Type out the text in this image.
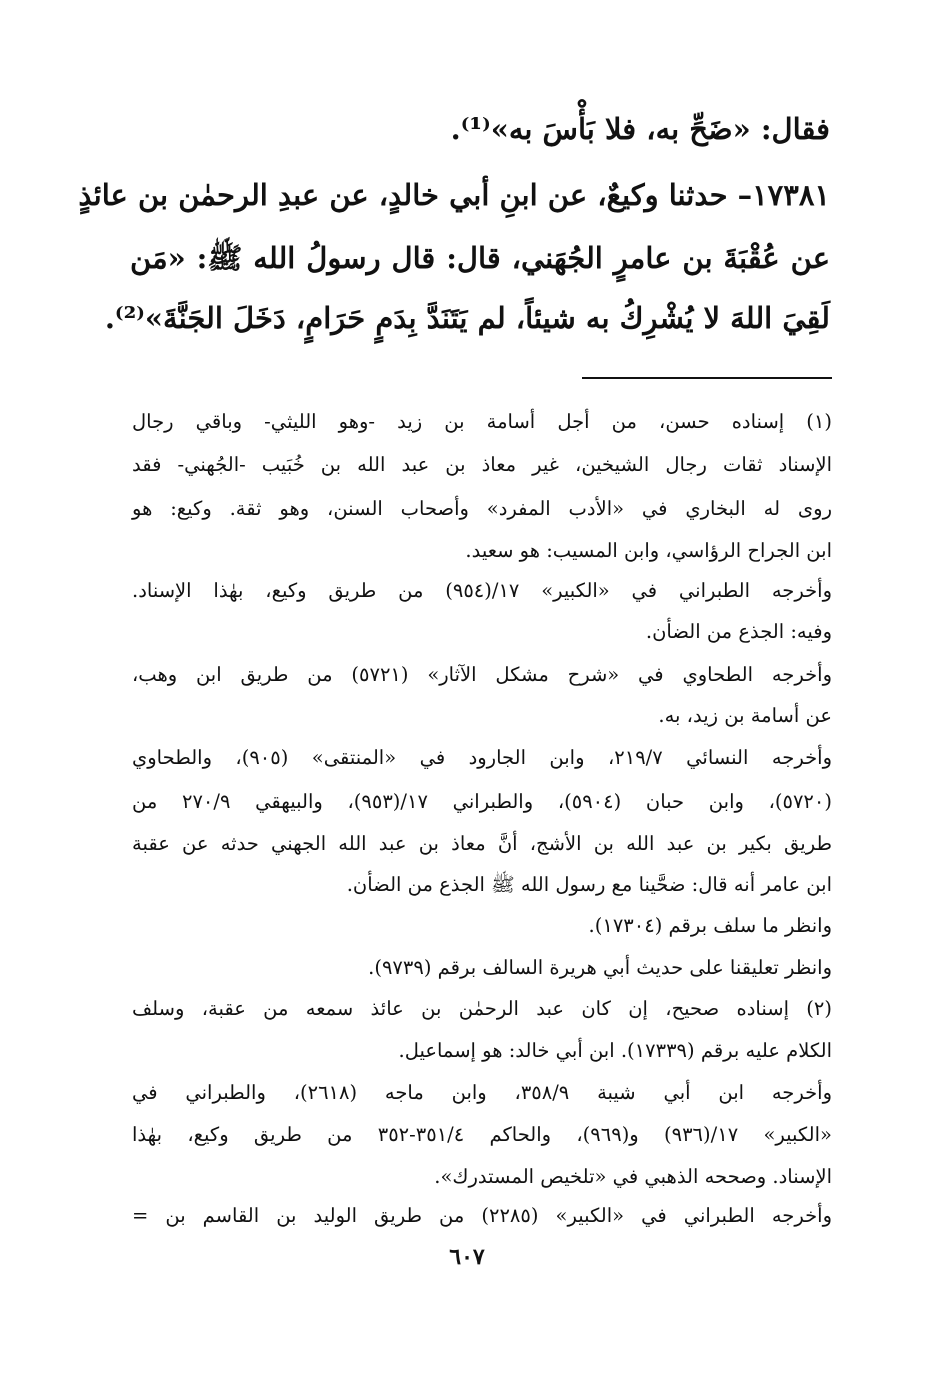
فقال: «ضَحِّ به، فلا بَأْسَ به»⁽¹⁾.
١٧٣٨١– حدثنا وكيعٌ، عن ابنِ أبي خالدٍ، عن عبدِ الرحمٰن بن عائذٍ
عن عُقْبَةَ بن عامرٍ الجُهَني، قال: قال رسولُ الله ﷺ: «مَن
لَقِيَ اللهَ لا يُشْرِكُ به شيئاً، لم يَتَنَدَّ بِدَمٍ حَرَامٍ، دَخَلَ الجَنَّةَ»⁽²⁾.
(١) إسناده حسن، من أجل أسامة بن زيد -وهو الليثي- وباقي رجال
الإسناد ثقات رجال الشيخين، غير معاذ بن عبد الله بن خُبَيب -الجُهني- فقد
روى له البخاري في «الأدب المفرد» وأصحاب السنن، وهو ثقة. وكيع: هو
ابن الجراح الرؤاسي، وابن المسيب: هو سعيد.
وأخرجه الطبراني في «الكبير» ١٧/(٩٥٤) من طريق وكيع، بهٰذا الإسناد.
وفيه: الجذع من الضأن.
وأخرجه الطحاوي في «شرح مشكل الآثار» (٥٧٢١) من طريق ابن وهب،
عن أسامة بن زيد، به.
وأخرجه النسائي ٢١٩/٧، وابن الجارود في «المنتقى» (٩٠٥)، والطحاوي
(٥٧٢٠)، وابن حبان (٥٩٠٤)، والطبراني ١٧/(٩٥٣)، والبيهقي ٢٧٠/٩ من
طريق بكير بن عبد الله بن الأشج، أنَّ معاذ بن عبد الله الجهني حدثه عن عقبة
ابن عامر أنه قال: ضحَّينا مع رسول الله ﷺ الجذع من الضأن.
وانظر ما سلف برقم (١٧٣٠٤).
وانظر تعليقنا على حديث أبي هريرة السالف برقم (٩٧٣٩).
(٢) إسناده صحيح، إن كان عبد الرحمٰن بن عائذ سمعه من عقبة، وسلف
الكلام عليه برقم (١٧٣٣٩). ابن أبي خالد: هو إسماعيل.
وأخرجه ابن أبي شيبة ٣٥٨/٩، وابن ماجه (٢٦١٨)، والطبراني في
«الكبير» ١٧/(٩٣٦) و(٩٦٩)، والحاكم ٣٥١/٤-٣٥٢ من طريق وكيع، بهٰذا
الإسناد. وصححه الذهبي في «تلخيص المستدرك».
وأخرجه الطبراني في «الكبير» (٢٢٨٥) من طريق الوليد بن القاسم بن =
٦٠٧
